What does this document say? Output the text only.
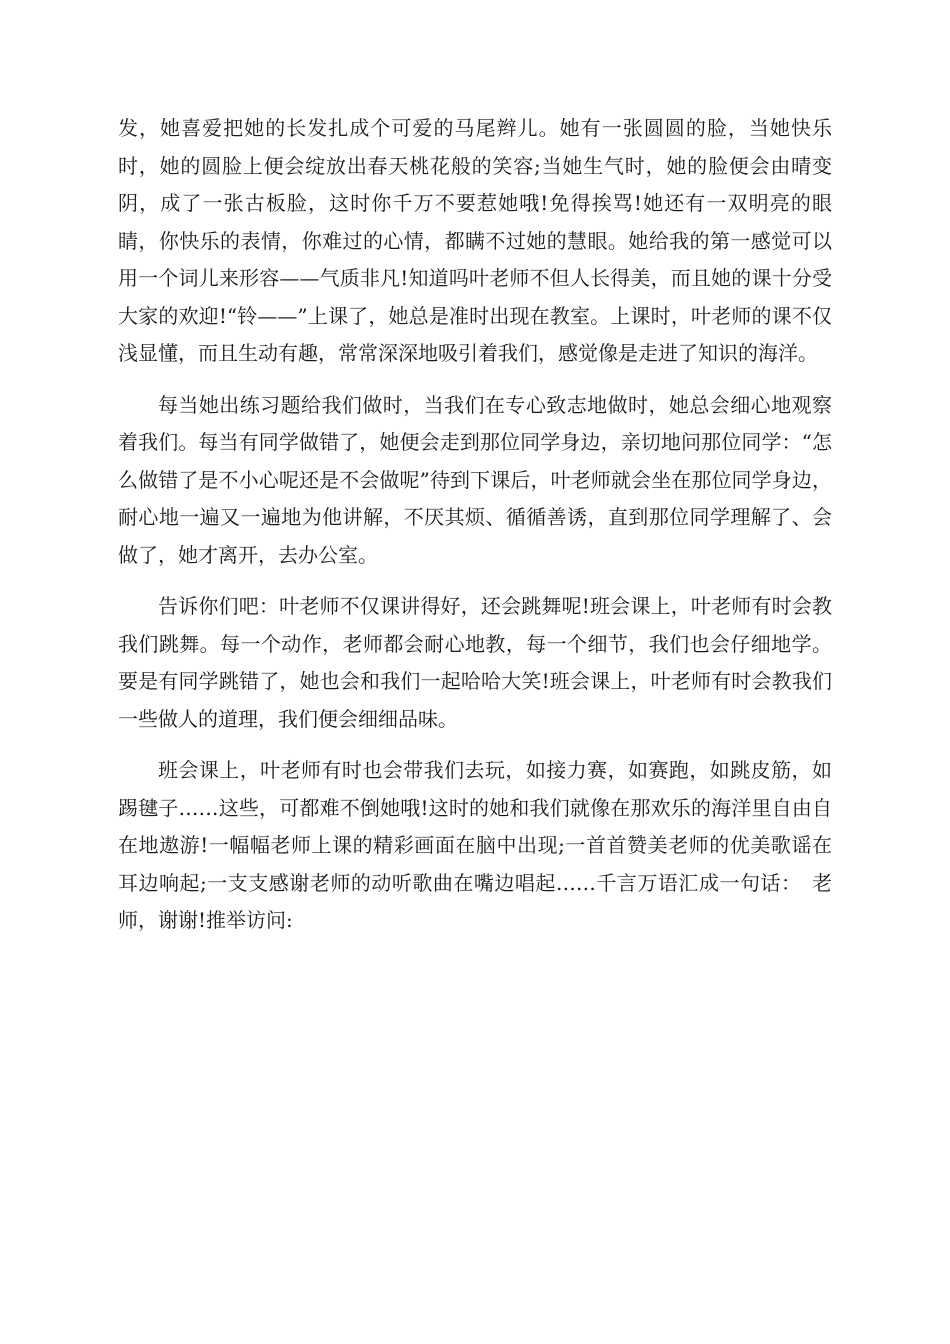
发，她喜爱把她的长发扎成个可爱的马尾辫儿。她有一张圆圆的脸，当她快乐时，她的圆脸上便会绽放出春天桃花般的笑容;当她生气时，她的脸便会由晴变阴，成了一张古板脸，这时你千万不要惹她哦!免得挨骂!她还有一双明亮的眼睛，你快乐的表情，你难过的心情，都瞒不过她的慧眼。她给我的第一感觉可以用一个词儿来形容——气质非凡!知道吗叶老师不但人长得美，而且她的课十分受大家的欢迎!“铃——”上课了，她总是准时出现在教室。上课时，叶老师的课不仅浅显懂，而且生动有趣，常常深深地吸引着我们，感觉像是走进了知识的海洋。

每当她出练习题给我们做时，当我们在专心致志地做时，她总会细心地观察着我们。每当有同学做错了，她便会走到那位同学身边，亲切地问那位同学：“怎么做错了是不小心呢还是不会做呢”待到下课后，叶老师就会坐在那位同学身边，耐心地一遍又一遍地为他讲解，不厌其烦、循循善诱，直到那位同学理解了、会做了，她才离开，去办公室。

告诉你们吧：叶老师不仅课讲得好，还会跳舞呢!班会课上，叶老师有时会教我们跳舞。每一个动作，老师都会耐心地教，每一个细节，我们也会仔细地学。要是有同学跳错了，她也会和我们一起哈哈大笑!班会课上，叶老师有时会教我们一些做人的道理，我们便会细细品味。

班会课上，叶老师有时也会带我们去玩，如接力赛，如赛跑，如跳皮筋，如踢毽子……这些，可都难不倒她哦!这时的她和我们就像在那欢乐的海洋里自由自在地遨游!一幅幅老师上课的精彩画面在脑中出现;一首首赞美老师的优美歌谣在耳边响起;一支支感谢老师的动听歌曲在嘴边唱起……千言万语汇成一句话：　老师，谢谢!推举访问:
